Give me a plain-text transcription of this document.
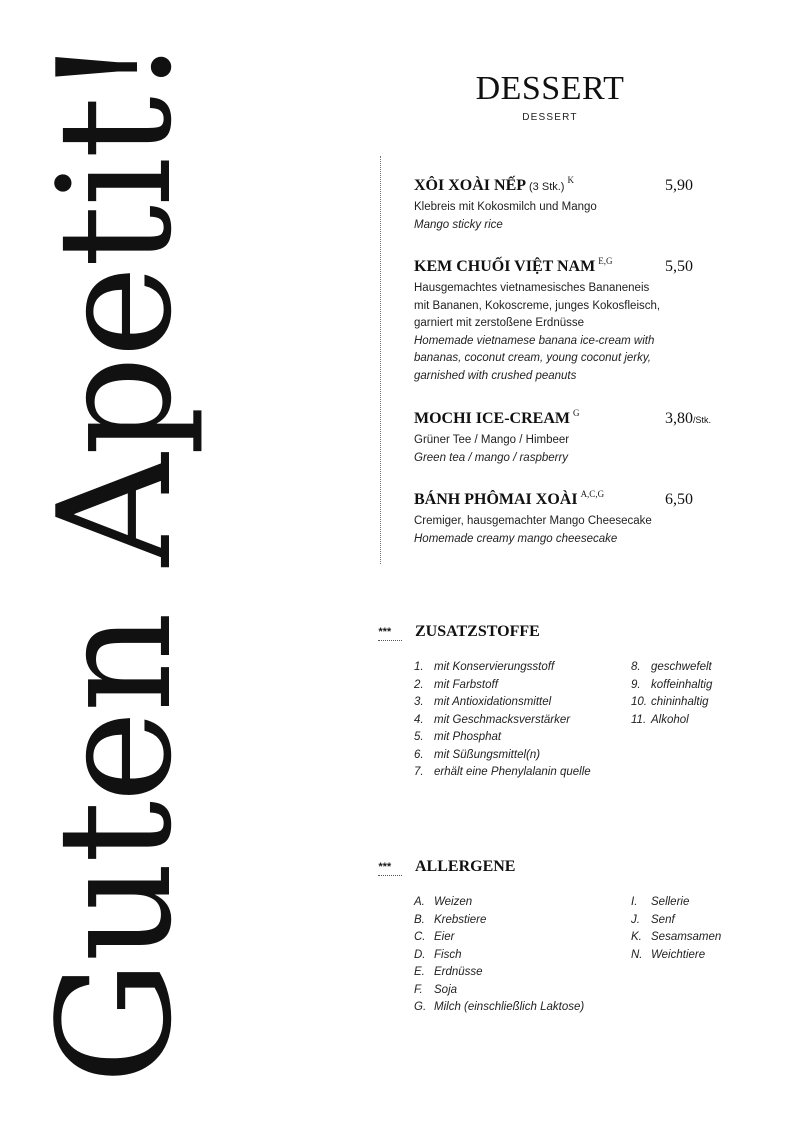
Guten Apetit!	DESSERT
DESSERT
XÔI XOÀI NẾP (3 Stk.)$^K$	5,90
Klebreis mit Kokosmilch und Mango
Mango sticky rice
KEM CHUỐI VIỆT NAM $^{E,G}$	5,50
Hausgemachtes vietnamesisches Bananeneis
mit Bananen, Kokoscreme, junges Kokosfleisch,
garniert mit zerstoßene Erdnüsse
Homemade vietnamese banana ice-cream with
bananas, coconut cream, young coconut jerky,
garnished with crushed peanuts
MOCHI ICE-CREAM $^G$	3,80/Stk.
Grüner Tee / Mango / Himbeer
Green tea / mango / raspberry
BÁNH PHÔMAI XOÀI $^{A,C,G}$	6,50
Cremiger, hausgemachter Mango Cheesecake
Homemade creamy mango cheesecake
***	ZUSATZSTOFFE
1. mit Konservierungsstoff
2. mit Farbstoff
3. mit Antioxidationsmittel
4. mit Geschmacksverstärker
5. mit Phosphat
6. mit Süßungsmittel(n)
7. erhält eine Phenylalanin quelle
8. geschwefelt
9. koffeinhaltig
10. chininhaltig
11. Alkohol
***	ALLERGENE
A. Weizen
B. Krebstiere
C. Eier
D. Fisch
E. Erdnüsse
F. Soja
G. Milch (einschließlich Laktose)
I. Sellerie
J. Senf
K. Sesamsamen
N. Weichtiere
